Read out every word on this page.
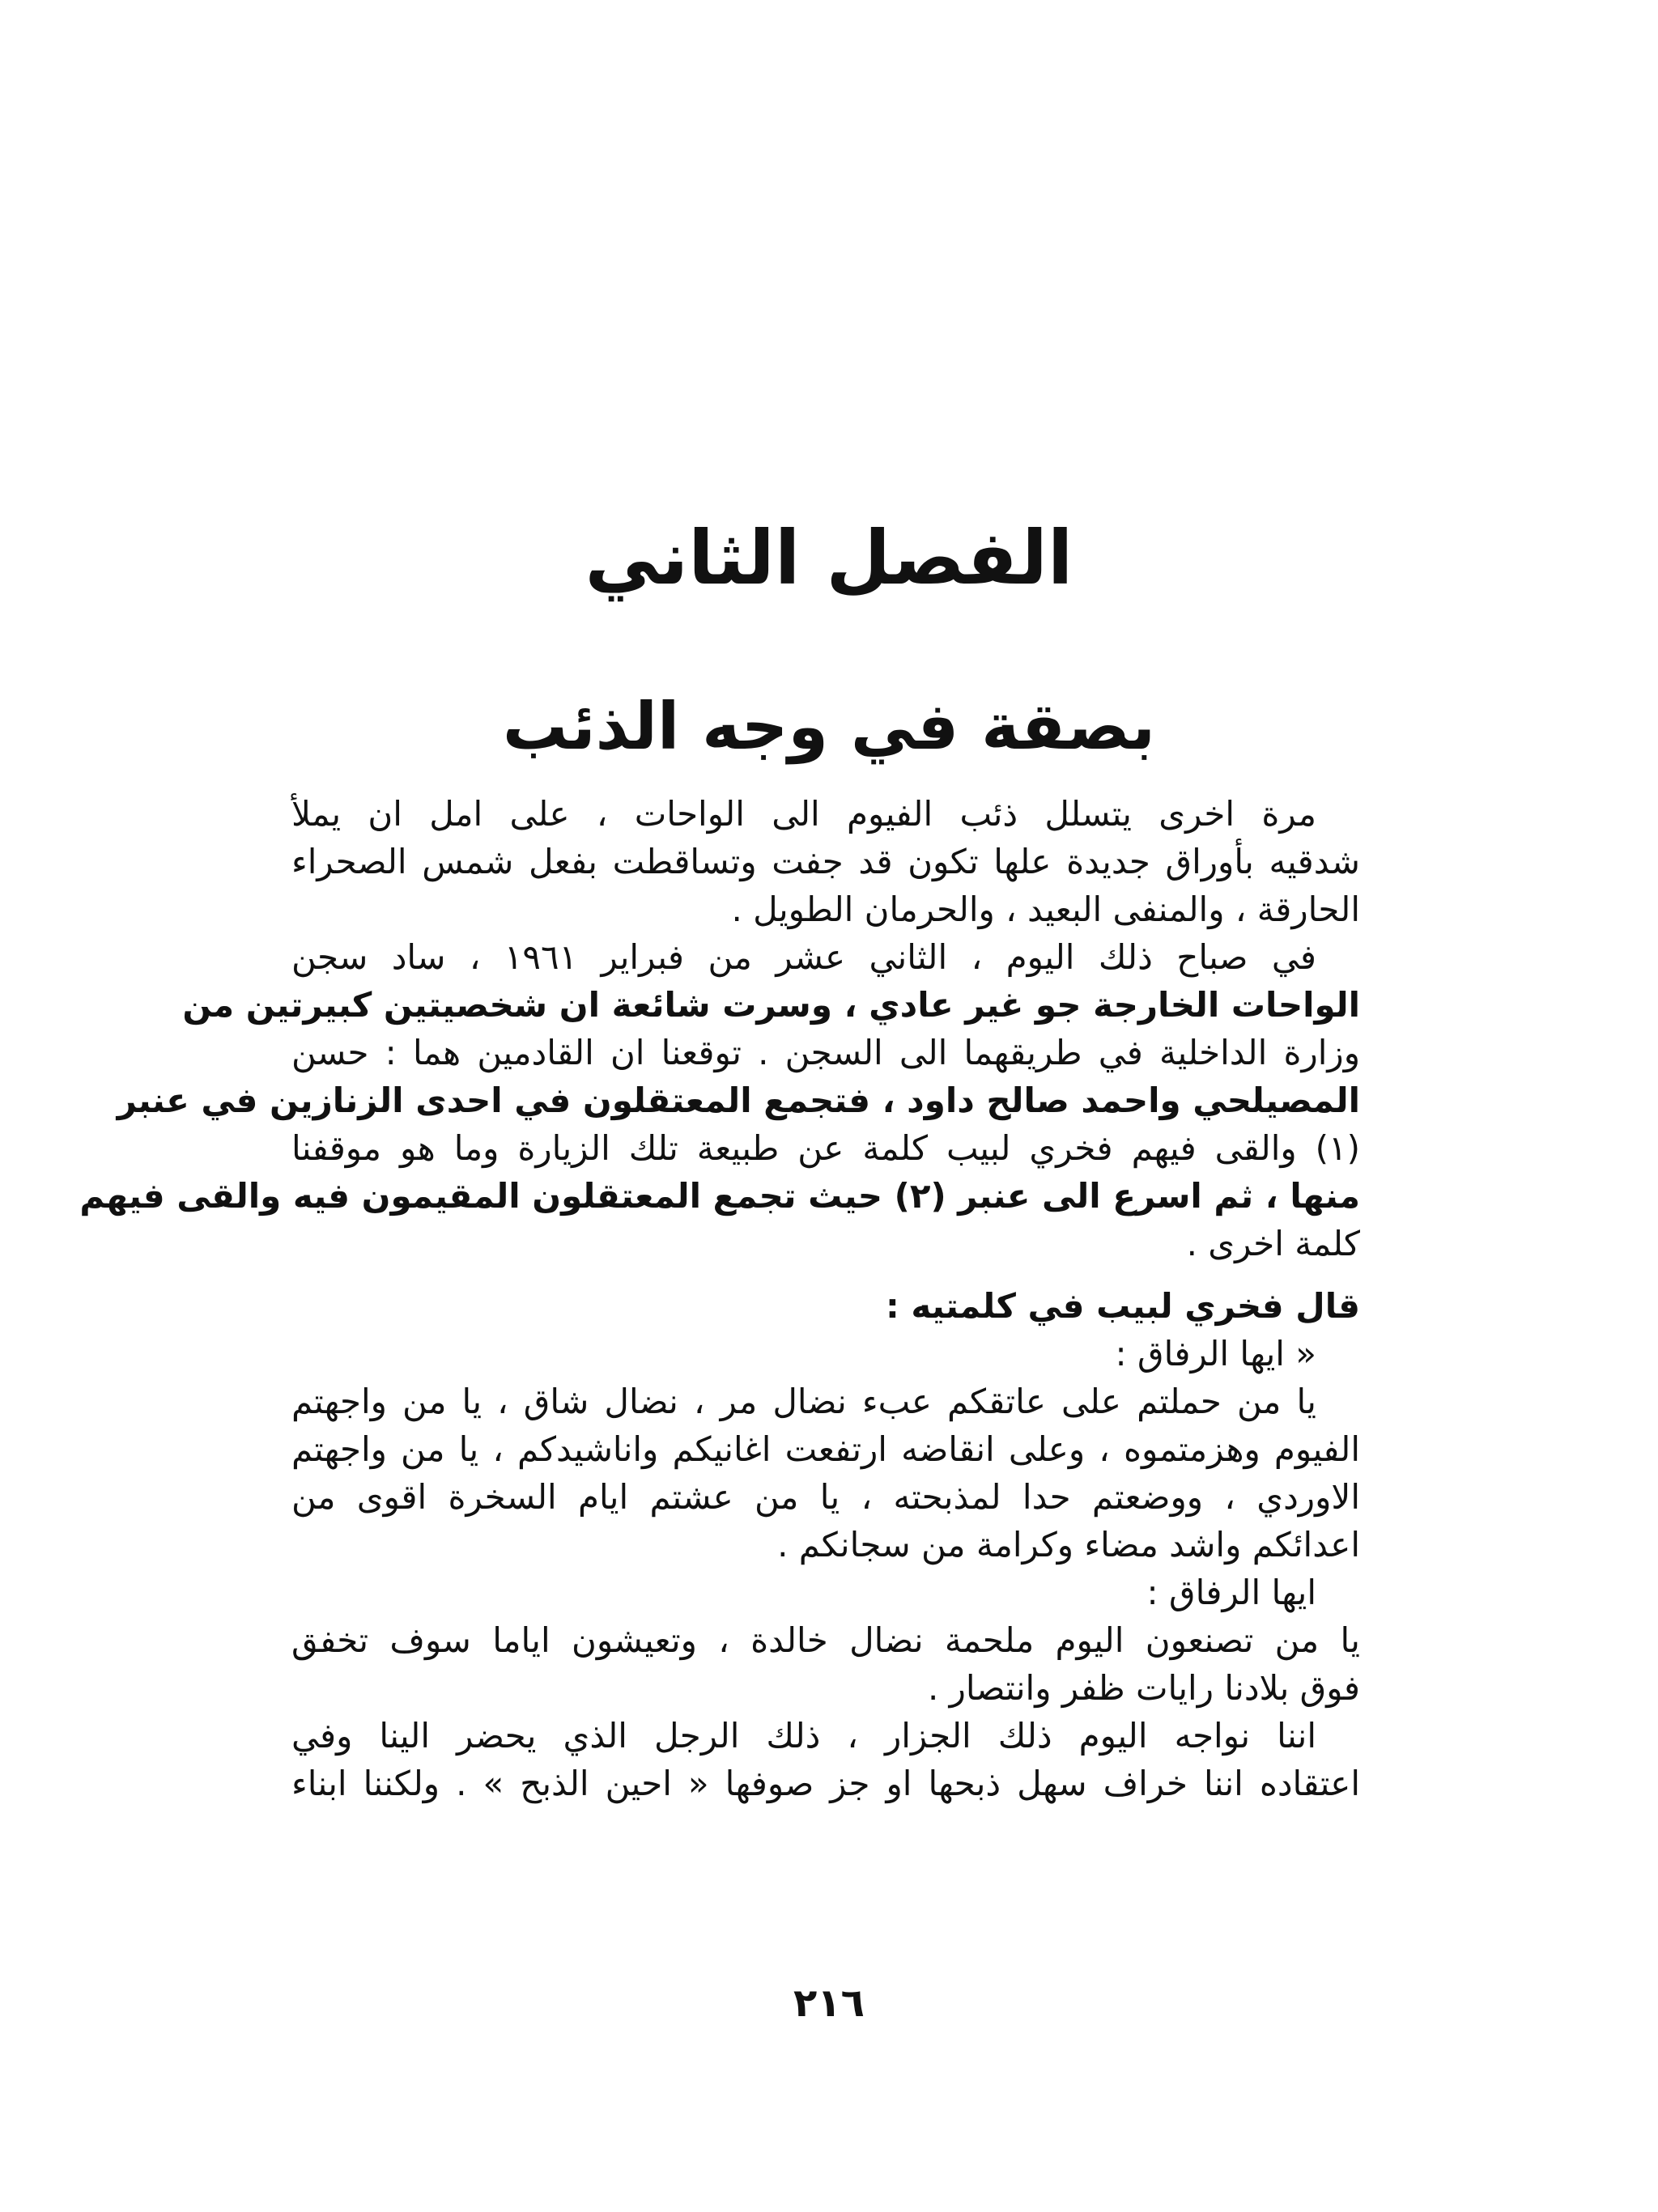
الفصل الثاني
بصقة في وجه الذئب
مرة اخرى يتسلل ذئب الفيوم الى الواحات ، على امل ان يملأ
شدقيه بأوراق جديدة علها تكون قد جفت وتساقطت بفعل شمس الصحراء
الحارقة ، والمنفى البعيد ، والحرمان الطويل .
في صباح ذلك اليوم ، الثاني عشر من فبراير ١٩٦١ ، ساد سجن
الواحات الخارجة جو غير عادي ، وسرت شائعة ان شخصيتين كبيرتين من
وزارة الداخلية في طريقهما الى السجن . توقعنا ان القادمين هما : حسن
المصيلحي واحمد صالح داود ، فتجمع المعتقلون في احدى الزنازين في عنبر
(١) والقى فيهم فخري لبيب كلمة عن طبيعة تلك الزيارة وما هو موقفنا
منها ، ثم اسرع الى عنبر (٢) حيث تجمع المعتقلون المقيمون فيه والقى فيهم
كلمة اخرى .
قال فخري لبيب في كلمتيه :
« ايها الرفاق :
يا من حملتم على عاتقكم عبء نضال مر ، نضال شاق ، يا من واجهتم
الفيوم وهزمتموه ، وعلى انقاضه ارتفعت اغانيكم واناشيدكم ، يا من واجهتم
الاوردي ، ووضعتم حدا لمذبحته ، يا من عشتم ايام السخرة اقوى من
اعدائكم واشد مضاء وكرامة من سجانكم .
ايها الرفاق :
يا من تصنعون اليوم ملحمة نضال خالدة ، وتعيشون اياما سوف تخفق
فوق بلادنا رايات ظفر وانتصار .
اننا نواجه اليوم ذلك الجزار ، ذلك الرجل الذي يحضر الينا وفي
اعتقاده اننا خراف سهل ذبحها او جز صوفها « احين الذبح » . ولكننا ابناء
٢١٦
